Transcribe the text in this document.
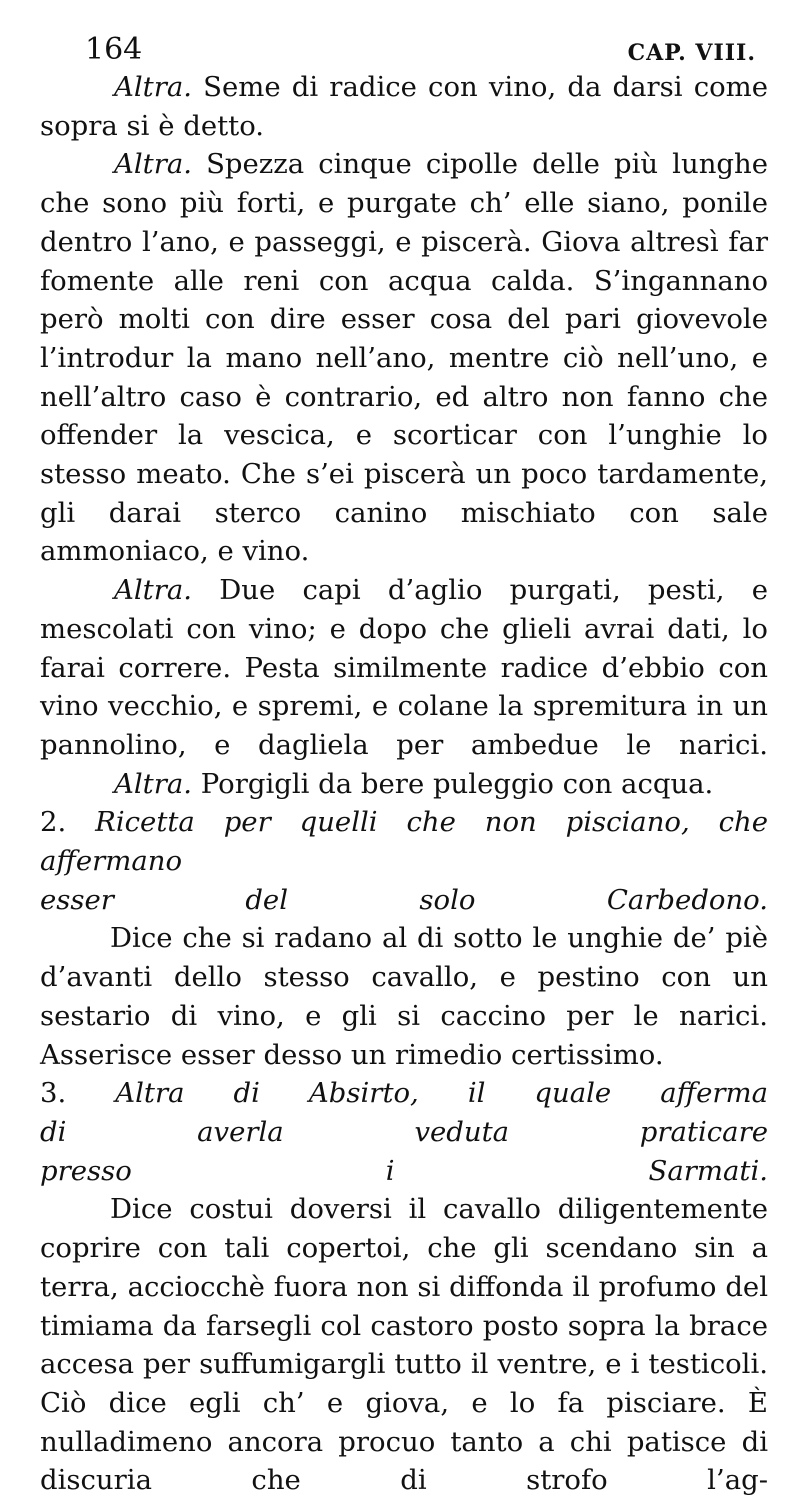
164	CAP. VIII.

Altra. Seme di radice con vino, da darsi come sopra si è detto.

Altra. Spezza cinque cipolle delle più lunghe che sono più forti, e purgate ch’ elle siano, ponile dentro l’ano, e passeggi, e piscerà. Giova altresì far fomente alle reni con acqua calda. S’ingannano però molti con dire esser cosa del pari giovevole l’introdur la mano nell’ano, mentre ciò nell’uno, e nell’altro caso è contrario, ed altro non fanno che offender la vescica, e scorticar con l’unghie lo stesso meato. Che s’ei piscerà un poco tardamente, gli darai sterco canino mischiato con sale ammoniaco, e vino.

Altra. Due capi d’aglio purgati, pesti, e mescolati con vino; e dopo che glieli avrai dati, lo farai correre. Pesta similmente radice d’ebbio con vino vecchio, e spremi, e colane la spremitura in un pannolino, e dagliela per ambedue le narici.

Altra. Porgigli da bere puleggio con acqua.

2. Ricetta per quelli che non pisciano, che affermano

esser del solo Carbedono.

Dice che si radano al di sotto le unghie de’ piè d’avanti dello stesso cavallo, e pestino con un sestario di vino, e gli si caccino per le narici. Asserisce esser desso un rimedio certissimo.

3. Altra di Absirto, il quale afferma

di averla veduta praticare

presso i Sarmati.

Dice costui doversi il cavallo diligentemente coprire con tali copertoi, che gli scendano sin a terra, acciocchè fuora non si diffonda il profumo del timiama da farsegli col castoro posto sopra la brace accesa per suffumigargli tutto il ventre, e i testicoli. Ciò dice egli ch’ e giova, e lo fa pisciare. È nulladimeno ancora procuo tanto a chi patisce di discuria che di strofo l’ag-
